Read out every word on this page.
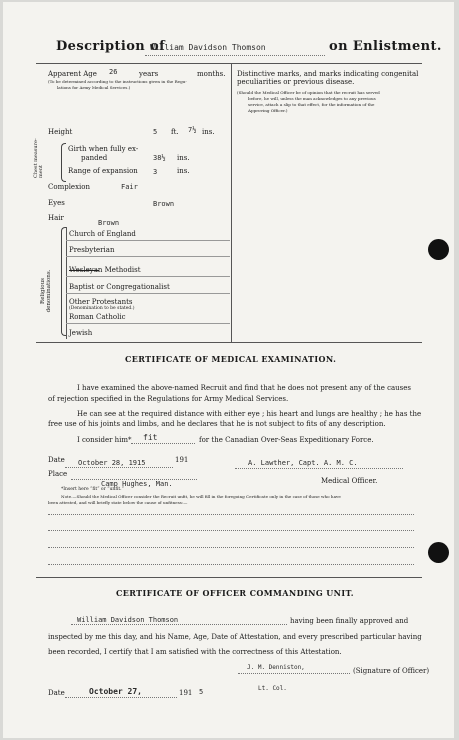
Description of
William Davidson Thomson	on Enlistment.
Apparent Age 26	years	months.
(To be determined according to the instructions given in the Regu-
lations for Army Medical Services.)
Height	5 ft. 7½ ins.
Chest measure-ment
Girth when fully ex-
panded	38½ ins.
Range of expansion 3	ins.
Complexion	Fair
Eyes	Brown
Hair
Brown
Religious denominations.
Church of England
Presbyterian
Wesleyan Methodist
Baptist or Congregationalist
Other Protestants
(Denomination to be stated.)
Roman Catholic
Jewish
Distinctive marks, and marks indicating congenital
peculiarities or previous disease.
(Should the Medical Officer be of opinion that the recruit has served
before, he will, unless the man acknowledges to any previous
service, attach a slip to that effect, for the information of the
Approving Officer.)
CERTIFICATE OF MEDICAL EXAMINATION.
I have examined the above-named Recruit and find that he does not present any of the causes
of rejection specified in the Regulations for Army Medical Services.
He can see at the required distance with either eye ; his heart and lungs are healthy ; he has the
free use of his joints and limbs, and he declares that he is not subject to fits of any description.
I consider him* fit	for the Canadian Over-Seas Expeditionary Force.
Date October 28, 1915	191	A. Lawther, Capt. A. M. C.
Place
Camp Hughes, Man.	Medical Officer.
*Insert here “fit” or “unfit.”
Note.—Should the Medical Officer consider the Recruit unfit, he will fill in the foregoing Certificate only in the case of those who have
been attested, and will briefly state below the cause of unfitness:—
CERTIFICATE OF OFFICER COMMANDING UNIT.
William Davidson Thomson	having been finally approved and
inspected by me this day, and his Name, Age, Date of Attestation, and every prescribed particular having
been recorded, I certify that I am satisfied with the correctness of this Attestation.
J. M. Denniston,	(Signature of Officer)
Lt. Col.
Date	October 27,	191 5
